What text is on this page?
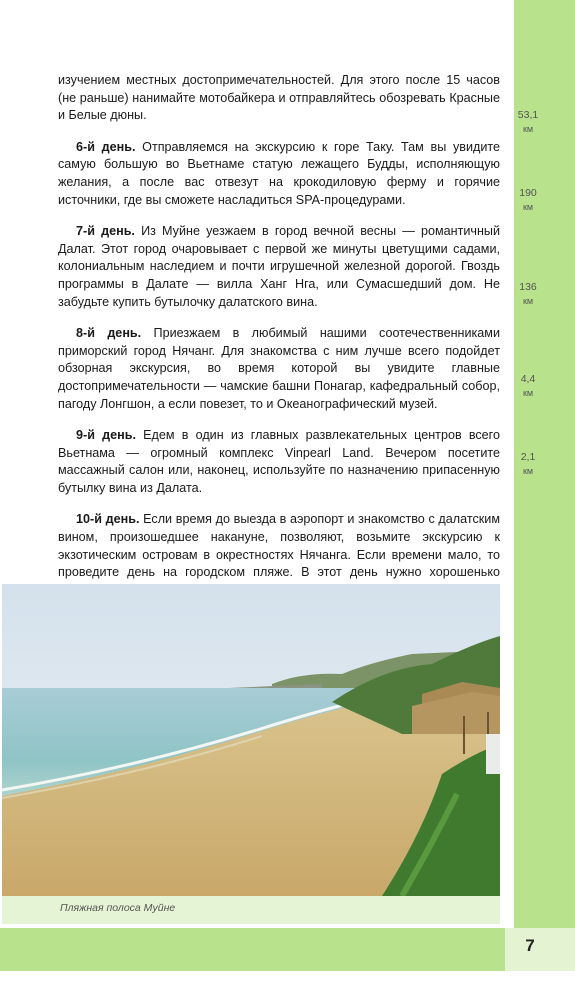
53,1
км
190
км
136
км
4,4
км
2,1
км

изучением местных достопримечательностей. Для этого после 15 часов (не раньше) нанимайте мотобайкера и отправляйтесь обозревать Красные и Белые дюны.

6-й день. Отправляемся на экскурсию к горе Таку. Там вы увидите самую большую во Вьетнаме статую лежащего Будды, исполняющую желания, а после вас отвезут на крокодиловую ферму и горячие источники, где вы сможете насладиться SPA-процедурами.

7-й день. Из Муйне уезжаем в город вечной весны — романтичный Далат. Этот город очаровывает с первой же минуты цветущими садами, колониальным наследием и почти игрушечной железной дорогой. Гвоздь программы в Далате — вилла Ханг Нга, или Сумасшедший дом. Не забудьте купить бутылочку далатского вина.

8-й день. Приезжаем в любимый нашими соотечественниками приморский город Нячанг. Для знакомства с ним лучше всего подойдет обзорная экскурсия, во время которой вы увидите главные достопримечательности — чамские башни Понагар, кафедральный собор, пагоду Лонгшон, а если повезет, то и Океанографический музей.

9-й день. Едем в один из главных развлекательных центров всего Вьетнама — огромный комплекс Vinpearl Land. Вечером посетите массажный салон или, наконец, используйте по назначению припасенную бутылку вина из Далата.

10-й день. Если время до выезда в аэропорт и знакомство с далатским вином, произошедшее накануне, позволяют, возьмите экскурсию к экзотическим островам в окрестностях Нячанга. Если времени мало, то проведите день на городском пляже. В этот день нужно хорошенько

Пляжная полоса Муйне
7
